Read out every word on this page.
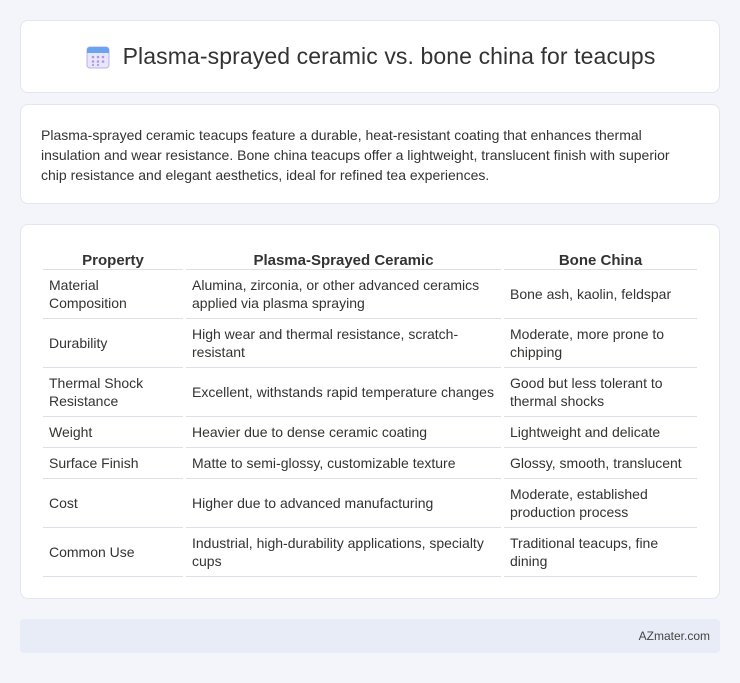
Plasma-sprayed ceramic vs. bone china for teacups

Plasma-sprayed ceramic teacups feature a durable, heat-resistant coating that enhances thermal insulation and wear resistance. Bone china teacups offer a lightweight, translucent finish with superior chip resistance and elegant aesthetics, ideal for refined tea experiences.

Property	Plasma-Sprayed Ceramic	Bone China
Material Composition	Alumina, zirconia, or other advanced ceramics applied via plasma spraying	Bone ash, kaolin, feldspar
Durability	High wear and thermal resistance, scratch-resistant	Moderate, more prone to chipping
Thermal Shock Resistance	Excellent, withstands rapid temperature changes	Good but less tolerant to thermal shocks
Weight	Heavier due to dense ceramic coating	Lightweight and delicate
Surface Finish	Matte to semi-glossy, customizable texture	Glossy, smooth, translucent
Cost	Higher due to advanced manufacturing	Moderate, established production process
Common Use	Industrial, high-durability applications, specialty cups	Traditional teacups, fine dining
AZmater.com
